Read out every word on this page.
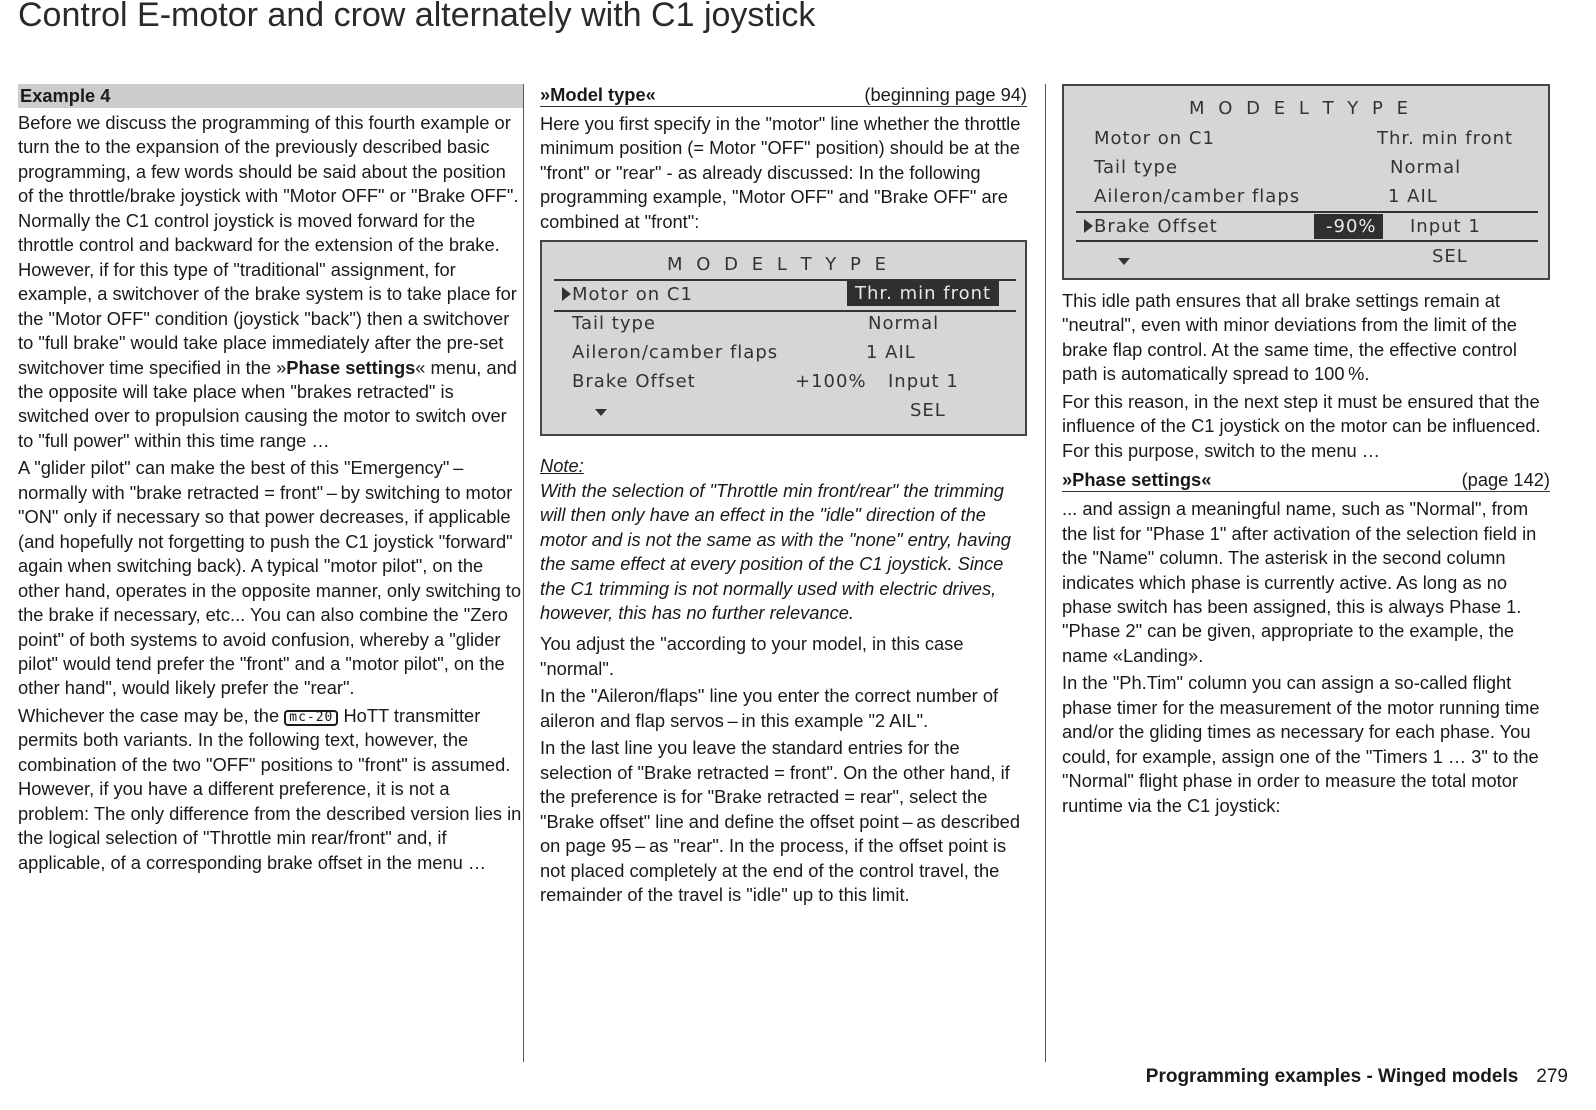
Control E-motor and crow alternately with C1 joystick
Example 4

Before we discuss the programming of this fourth example or turn the to the expansion of the previously described basic programming, a few words should be said about the position of the throttle/brake joystick with "Motor OFF" or "Brake OFF". Normally the C1 control joystick is moved forward for the throttle control and backward for the extension of the brake. However, if for this type of "traditional" assignment, for example, a switchover of the brake system is to take place for the "Motor OFF" condition (joystick "back") then a switchover to "full brake" would take place immediately after the pre-set switchover time specified in the »Phase settings« menu, and the opposite will take place when "brakes retracted" is switched over to propulsion causing the motor to switch over to "full power" within this time range …

A "glider pilot" can make the best of this "Emergency" – normally with "brake retracted = front" – by switching to motor "ON" only if necessary so that power decreases, if applicable (and hopefully not forgetting to push the C1 joystick "forward" again when switching back). A typical "motor pilot", on the other hand, operates in the opposite manner, only switching to the brake if necessary, etc... You can also combine the "Zero point" of both systems to avoid confusion, whereby a "glider pilot" would tend prefer the "front" and a "motor pilot", on the other hand", would likely prefer the "rear".

Whichever the case may be, the mc-20 HoTT transmitter permits both variants. In the following text, however, the combination of the two "OFF" positions to "front" is assumed. However, if you have a different preference, it is not a problem: The only difference from the described version lies in the logical selection of "Throttle min rear/front" and, if applicable, of a corresponding brake offset in the menu …

»Model type«	(beginning page 94)

Here you first specify in the "motor" line whether the throttle minimum position (= Motor "OFF" position) should be at the "front" or "rear" - as already discussed: In the following programming example, "Motor OFF" and "Brake OFF" are combined at "front":

M O D E L T Y P E
Motor on C1	Thr. min front
Tail type	Normal
Aileron/camber flaps	1 AIL
Brake Offset	+100% Input 1
SEL

Note:
With the selection of "Throttle min front/rear" the trimming will then only have an effect in the "idle" direction of the motor and is not the same as with the "none" entry, having the same effect at every position of the C1 joystick. Since the C1 trimming is not normally used with electric drives, however, this has no further relevance.

You adjust the "according to your model, in this case "normal".

In the "Aileron/flaps" line you enter the correct number of aileron and flap servos – in this example "2 AIL".

In the last line you leave the standard entries for the selection of "Brake retracted = front". On the other hand, if the preference is for "Brake retracted = rear", select the "Brake offset" line and define the offset point – as described on page 95 – as "rear". In the process, if the offset point is not placed completely at the end of the control travel, the remainder of the travel is "idle" up to this limit.

M O D E L T Y P E
Motor on C1	Thr. min front
Tail type	Normal
Aileron/camber flaps	1 AIL
Brake Offset	-90%	Input 1
SEL

This idle path ensures that all brake settings remain at "neutral", even with minor deviations from the limit of the brake flap control. At the same time, the effective control path is automatically spread to 100 %.

For this reason, in the next step it must be ensured that the influence of the C1 joystick on the motor can be influenced. For this purpose, switch to the menu …

»Phase settings«	(page 142)

... and assign a meaningful name, such as "Normal", from the list for "Phase 1" after activation of the selection field in the "Name" column. The asterisk in the second column indicates which phase is currently active. As long as no phase switch has been assigned, this is always Phase 1. "Phase 2" can be given, appropriate to the example, the name «Landing».

In the "Ph.Tim" column you can assign a so-called flight phase timer for the measurement of the motor running time and/or the gliding times as necessary for each phase. You could, for example, assign one of the "Timers 1 … 3" to the "Normal" flight phase in order to measure the total motor runtime via the C1 joystick:

Programming examples - Winged models 279
